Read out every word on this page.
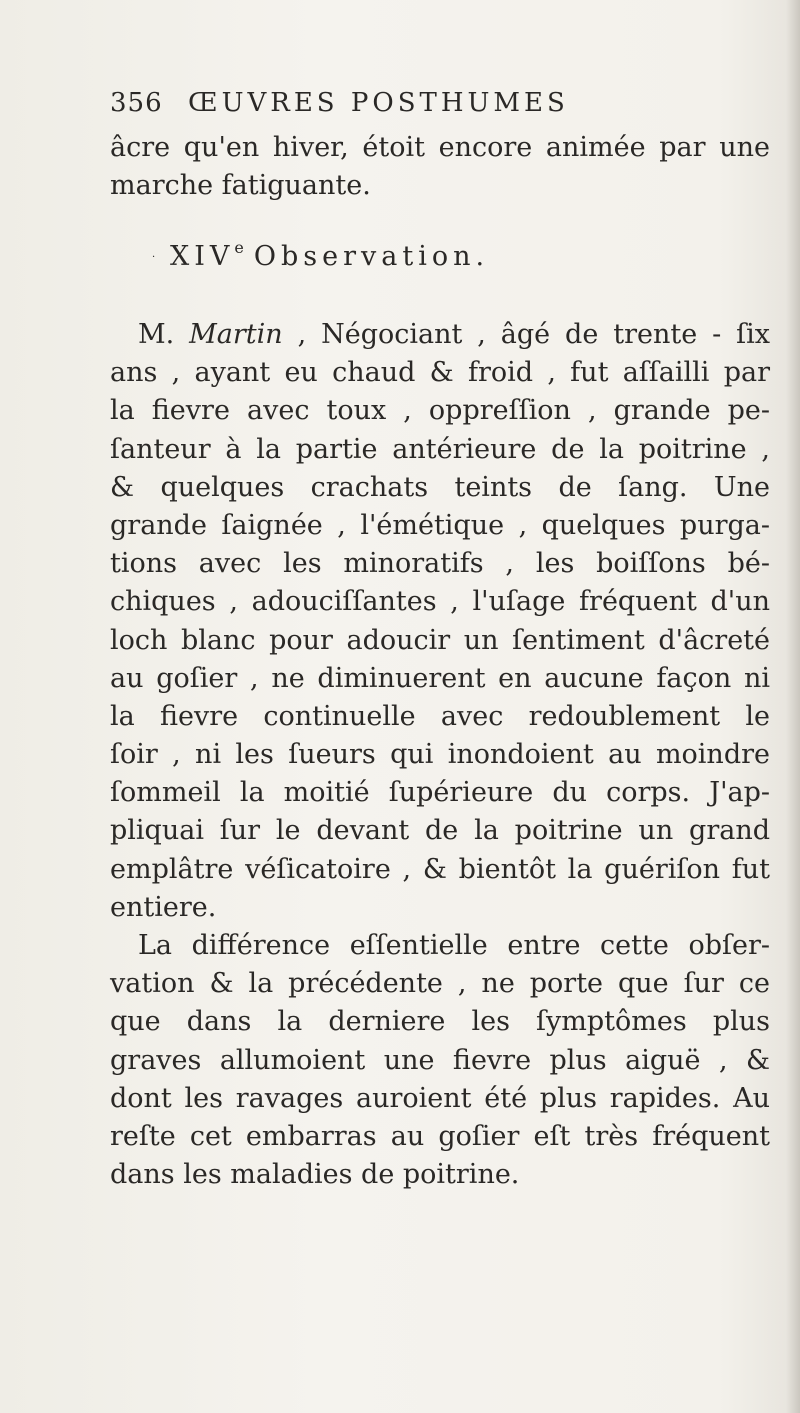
356 ŒUVRES POSTHUMES
âcre qu'en hiver, étoit encore animée par une
marche fatiguante.
· $XIV^e$ Observation.
M. Martin , Négociant , âgé de trente - ſix
ans , ayant eu chaud & froid , fut aſſailli par
la fievre avec toux , oppreſſion , grande pe-
ſanteur à la partie antérieure de la poitrine ,
& quelques crachats teints de ſang. Une
grande ſaignée , l'émétique , quelques purga-
tions avec les minoratifs , les boiſſons bé-
chiques , adouciſſantes , l'uſage fréquent d'un
loch blanc pour adoucir un ſentiment d'âcreté
au goſier , ne diminuerent en aucune façon ni
la fievre continuelle avec redoublement le
ſoir , ni les ſueurs qui inondoient au moindre
ſommeil la moitié ſupérieure du corps. J'ap-
pliquai ſur le devant de la poitrine un grand
emplâtre véſicatoire , & bientôt la guériſon fut
entiere.
La différence eſſentielle entre cette obſer-
vation & la précédente , ne porte que ſur ce
que dans la derniere les ſymptômes plus
graves allumoient une fievre plus aiguë , &
dont les ravages auroient été plus rapides. Au
reſte cet embarras au goſier eſt très fréquent
dans les maladies de poitrine.
